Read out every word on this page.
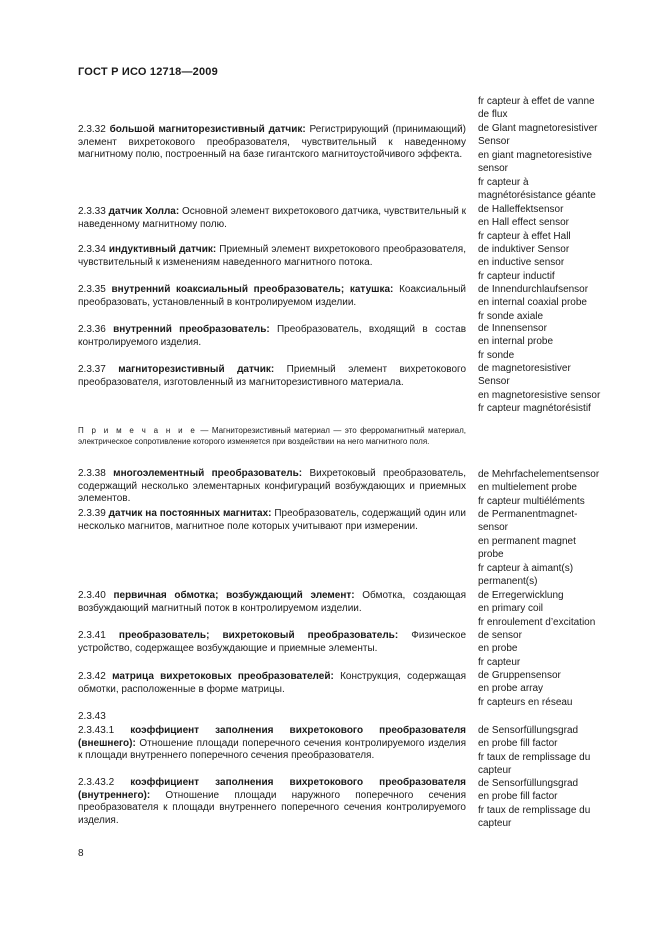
ГОСТ Р ИСО 12718—2009
2.3.32 большой магниторезистивный датчик: Регистрирующий (принимающий) элемент вихретокового преобразователя, чувствительный к наведенному магнитному полю, построенный на базе гигантского магнитоустойчивого эффекта.
2.3.33 датчик Холла: Основной элемент вихретокового датчика, чувствительный к наведенному магнитному полю.
2.3.34 индуктивный датчик: Приемный элемент вихретокового преобразователя, чувствительный к изменениям наведенного магнитного потока.
2.3.35 внутренний коаксиальный преобразователь; катушка: Коаксиальный преобразовать, установленный в контролируемом изделии.
2.3.36 внутренний преобразователь: Преобразователь, входящий в состав контролируемого изделия.
2.3.37 магниторезистивный датчик: Приемный элемент вихретокового преобразователя, изготовленный из магниторезистивного материала.
П р и м е ч а н и е — Магниторезистивный материал — это ферромагнитный материал, электрическое сопротивление которого изменяется при воздействии на него магнитного поля.
2.3.38 многоэлементный преобразователь: Вихретоковый преобразователь, содержащий несколько элементарных конфигураций возбуждающих и приемных элементов.
2.3.39 датчик на постоянных магнитах: Преобразователь, содержащий один или несколько магнитов, магнитное поле которых учитывают при измерении.
2.3.40 первичная обмотка; возбуждающий элемент: Обмотка, создающая возбуждающий магнитный поток в контролируемом изделии.
2.3.41 преобразователь; вихретоковый преобразователь: Физическое устройство, содержащее возбуждающие и приемные элементы.
2.3.42 матрица вихретоковых преобразователей: Конструкция, содержащая обмотки, расположенные в форме матрицы.
2.3.43
2.3.43.1 коэффициент заполнения вихретокового преобразователя (внешнего): Отношение площади поперечного сечения контролируемого изделия к площади внутреннего поперечного сечения преобразователя.
2.3.43.2 коэффициент заполнения вихретокового преобразователя (внутреннего): Отношение площади наружного поперечного сечения преобразователя к площади внутреннего поперечного сечения контролируемого изделия.
fr capteur à effet de vanne
de flux
de Glant magnetoresistiver
Sensor
en giant magnetoresistive
sensor
fr capteur à
magnétorésistance géante
de Halleffektsensor
en Hall effect sensor
fr capteur à effet Hall
de induktiver Sensor
en inductive sensor
fr capteur inductif
de Innendurchlaufsensor
en internal coaxial probe
fr sonde axiale
de Innensensor
en internal probe
fr sonde
de magnetoresistiver
Sensor
en magnetoresistive sensor
fr capteur magnétorésistif
de Mehrfachelementsensor
en multielement probe
fr capteur multiéléments
de Permanentmagnet-
sensor
en permanent magnet
probe
fr capteur à aimant(s)
permanent(s)
de Erregerwicklung
en primary coil
fr enroulement d’excitation
de sensor
en probe
fr capteur
de Gruppensensor
en probe array
fr capteurs en réseau
de Sensorfüllungsgrad
en probe fill factor
fr taux de remplissage du
capteur
de Sensorfüllungsgrad
en probe fill factor
fr taux de remplissage du
capteur
8
